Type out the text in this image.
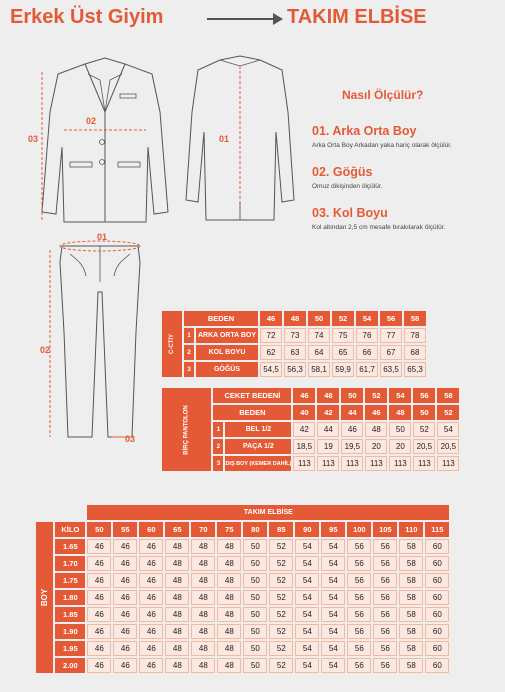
Erkek Üst Giyim	TAKIM ELBİSE
02
03	01
01
02
03
Nasıl Ölçülür?
01. Arka Orta Boy
Arka Orta Boy Arkadan yaka hariç olarak ölçülür.
02. Göğüs
Omuz dikişinden ölçülür.
03. Kol Boyu
Kol altından 2,5 cm mesafe bırakılarak ölçülür.
C-CTIY	BEDEN		46	48	50	52	54	56	58
	1	ARKA ORTA BOY	72	73	74	75	76	77	78
	2	KOL BOYU	62	63	64	65	66	67	68
	3	GÖĞÜS	54,5	56,3	58,1	59,9	61,7	63,5	65,3
BİRÇ PANTOLON	CEKET BEDENİ		46	48	50	52	54	56	58
	BEDEN		40	42	44	46	48	50	52
	1	BEL 1/2	42	44	46	48	50	52	54
	2	PAÇA 1/2	18,5	19	19,5	20	20	20,5	20,5
	3	DIŞ BOY (KEMER DAHİL)	113	113	113	113	113	113	113
		TAKIM ELBİSE													
BOY	KİLO	50	55	60	65	70	75	80	85	90	95	100	105	110	115
	1.65	46	46	46	48	48	48	50	52	54	54	56	56	58	60
	1.70	46	46	46	48	48	48	50	52	54	54	56	56	58	60
	1.75	46	46	46	48	48	48	50	52	54	54	56	56	58	60
	1.80	46	46	46	48	48	48	50	52	54	54	56	56	58	60
	1.85	46	46	46	48	48	48	50	52	54	54	56	56	58	60
	1.90	46	46	46	48	48	48	50	52	54	54	56	56	58	60
	1.95	46	46	46	48	48	48	50	52	54	54	56	56	58	60
	2.00	46	46	46	48	48	48	50	52	54	54	56	56	58	60
